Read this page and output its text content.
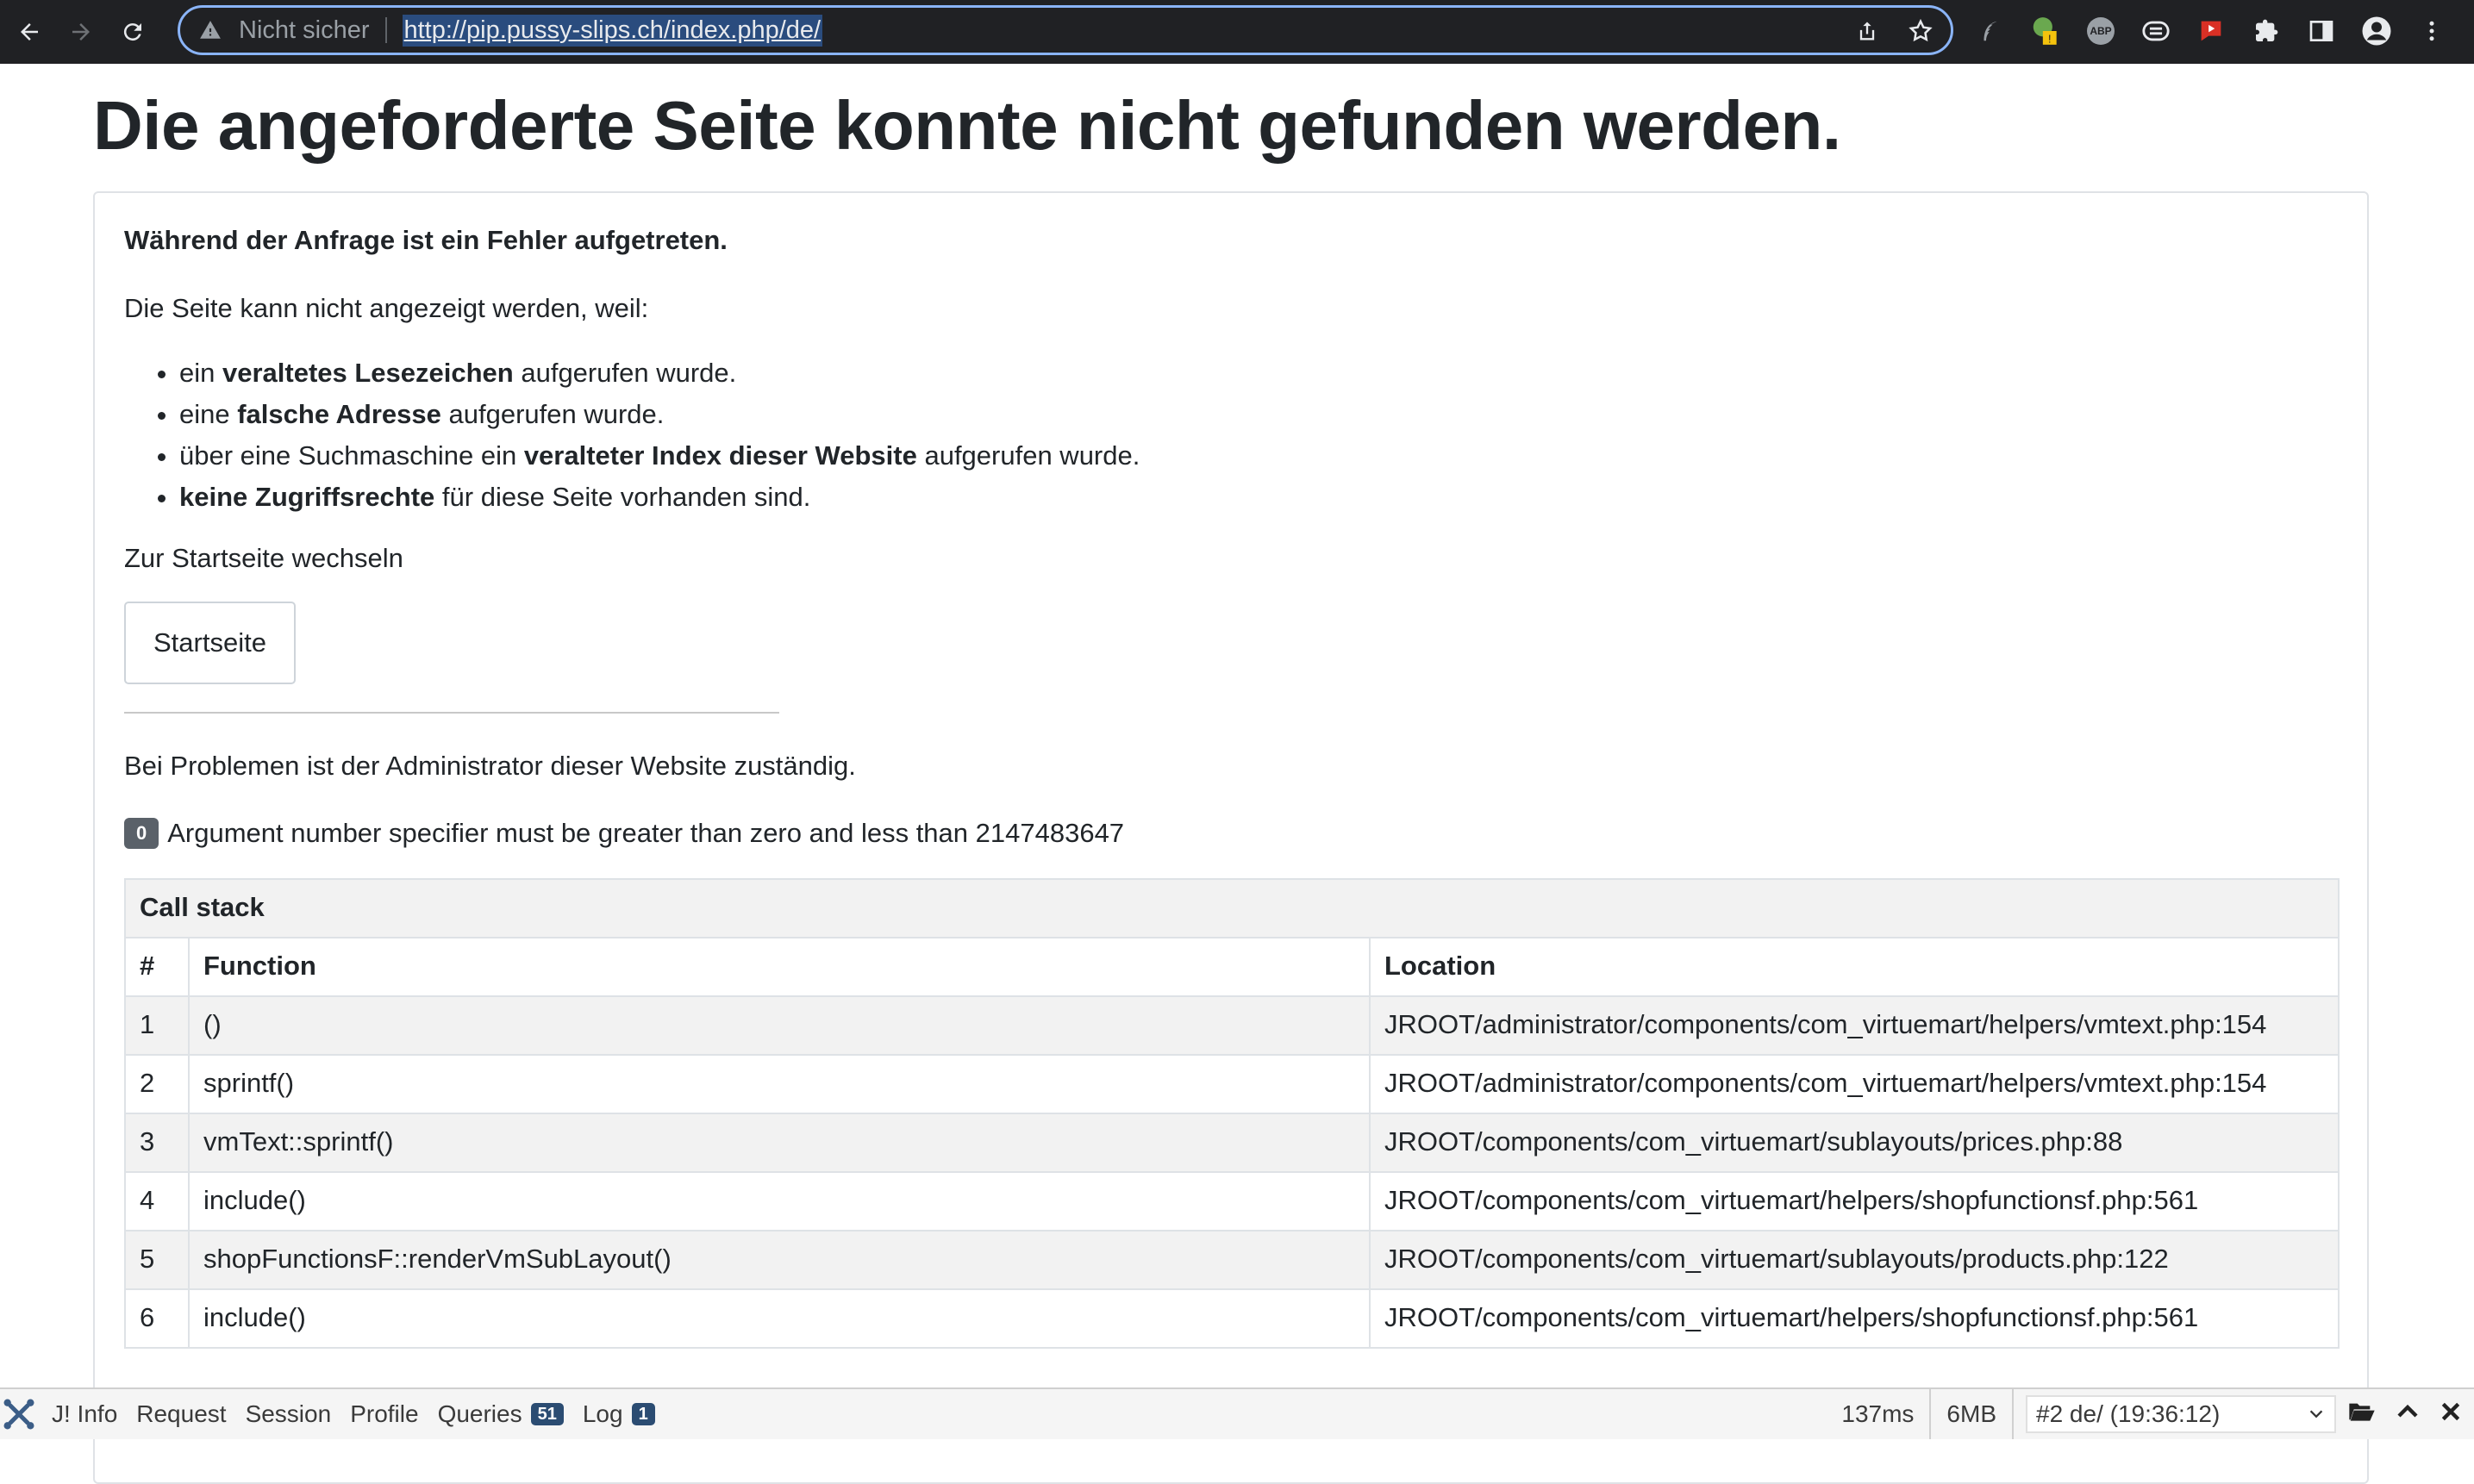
Nicht sicher http://pip.pussy-slips.ch/index.php/de/	!
ABP
Die angeforderte Seite konnte nicht gefunden werden.

Während der Anfrage ist ein Fehler aufgetreten.

Die Seite kann nicht angezeigt werden, weil:

• ein veraltetes Lesezeichen aufgerufen wurde.
• eine falsche Adresse aufgerufen wurde.
• über eine Suchmaschine ein veralteter Index dieser Website aufgerufen wurde.
• keine Zugriffsrechte für diese Seite vorhanden sind.

Zur Startseite wechseln

Startseite

Bei Problemen ist der Administrator dieser Website zuständig.

0 Argument number specifier must be greater than zero and less than 2147483647
Call stack		
#	Function	Location
1	()	JROOT/administrator/components/com_virtuemart/helpers/vmtext.php:154
2	sprintf()	JROOT/administrator/components/com_virtuemart/helpers/vmtext.php:154
3	vmText::sprintf()	JROOT/components/com_virtuemart/sublayouts/prices.php:88
4	include()	JROOT/components/com_virtuemart/helpers/shopfunctionsf.php:561
5	shopFunctionsF::renderVmSubLayout()	JROOT/components/com_virtuemart/sublayouts/products.php:122
6	include()	JROOT/components/com_virtuemart/helpers/shopfunctionsf.php:561
J! Info Request Session Profile Queries 51 Log 1	137ms	6MB	#2 de/ (19:36:12)
